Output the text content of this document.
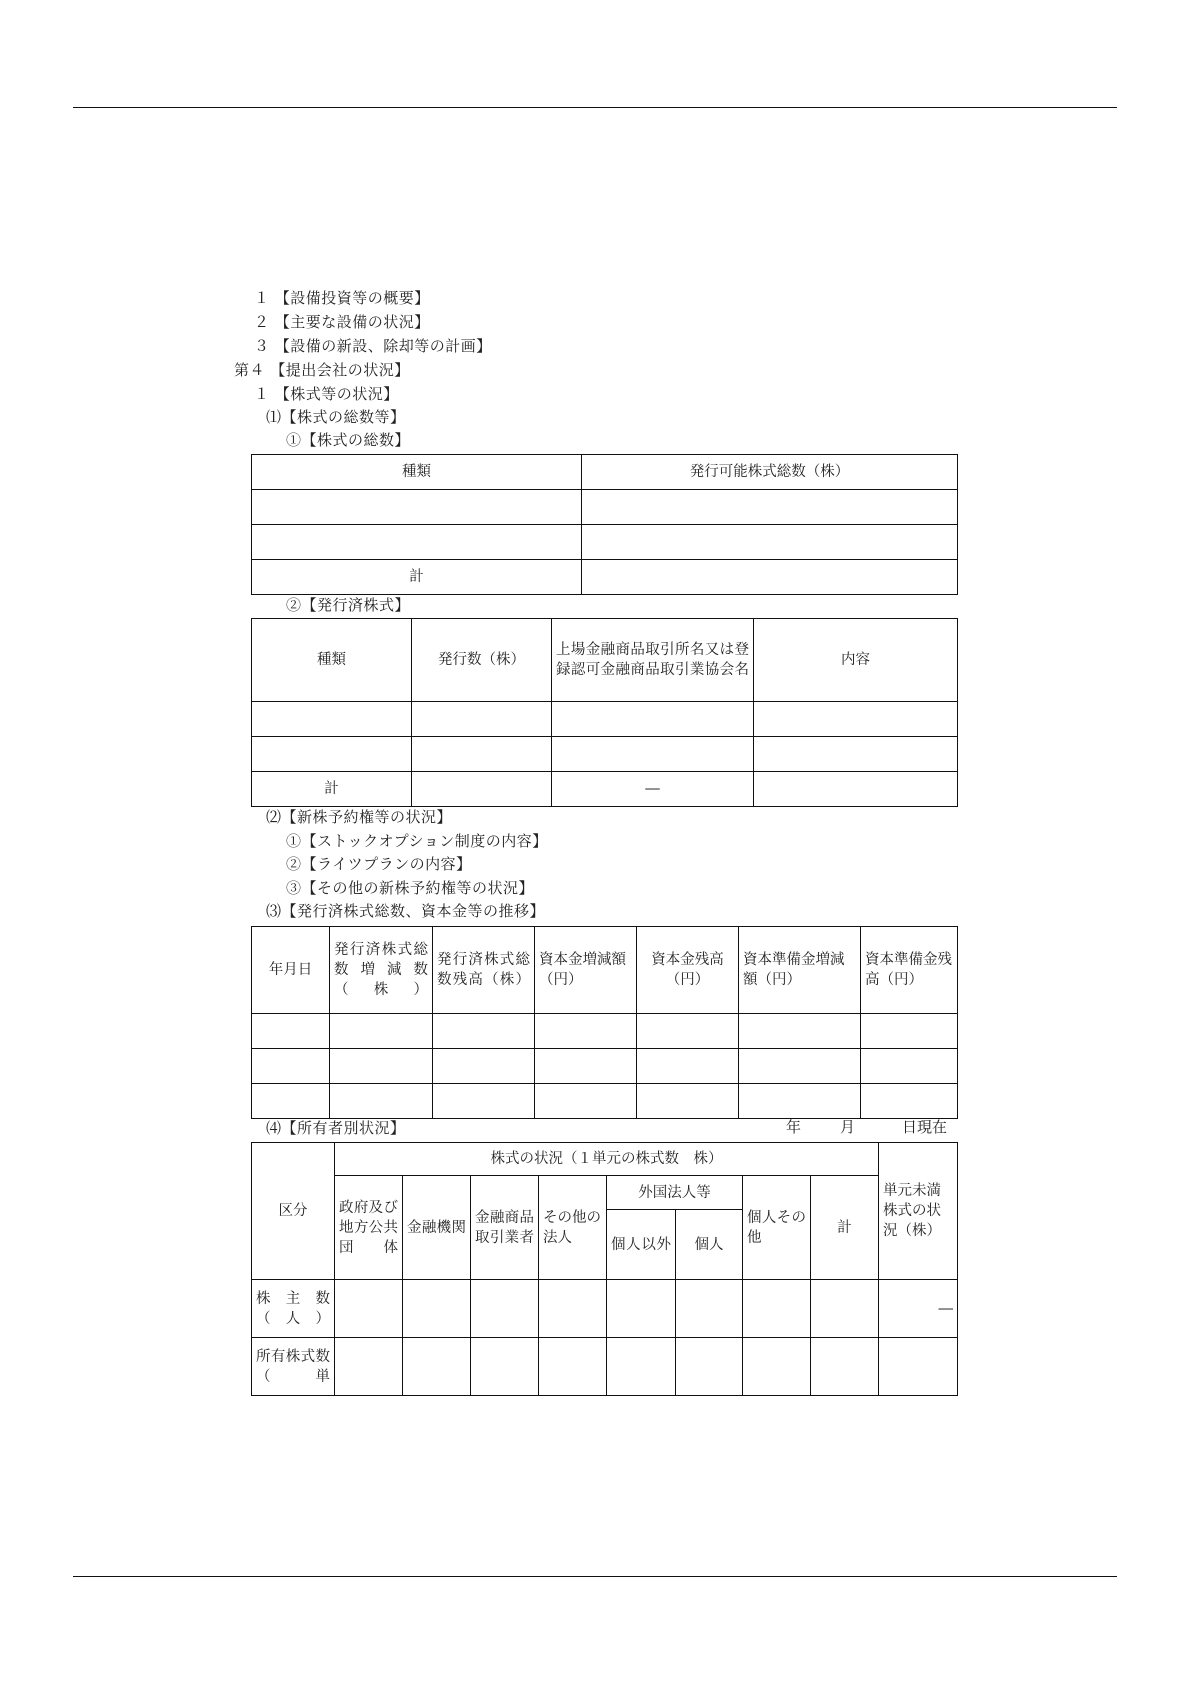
１ 【設備投資等の概要】
２ 【主要な設備の状況】
３ 【設備の新設、除却等の計画】
第４ 【提出会社の状況】
１ 【株式等の状況】
⑴【株式の総数等】
①【株式の総数】
種類	発行可能株式総数（株）

計	
②【発行済株式】
種類	発行数（株）	上場金融商品取引所名又は登録認可金融商品取引業協会名	内容

計		―	
⑵【新株予約権等の状況】
①【ストックオプション制度の内容】
②【ライツプランの内容】
③【その他の新株予約権等の状況】
⑶【発行済株式総数、資本金等の推移】
年月日	発行済株式総数増減数（株）	発行済株式総数残高（株）	資本金増減額（円）	資本金残高（円）	資本準備金増減額（円）	資本準備金残高（円）

⑷【所有者別状況】	年	月	日現在
区分	株式の状況（１単元の株式数　株）								単元未満株式の状況（株）
	政府及び地方公共団体	金融機関	金融商品取引業者	その他の法人	外国法人等		個人その他	計	
					個人以外	個人			
株主数（人）									―
所有株式数（単									
